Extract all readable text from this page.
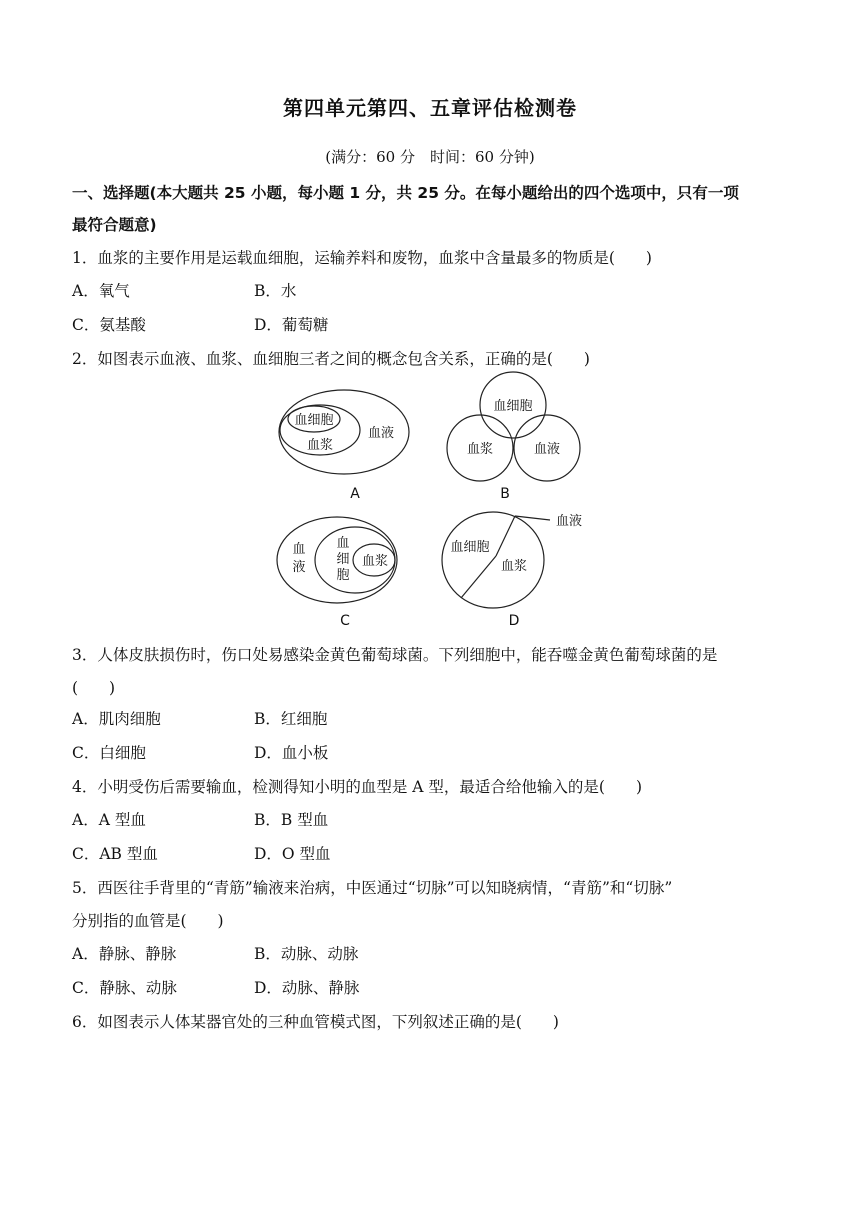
第四单元第四、五章评估检测卷
(满分：60 分　时间：60 分钟)
一、选择题(本大题共 25 小题，每小题 1 分，共 25 分。在每小题给出的四个选项中，只有一项
最符合题意)
1．血浆的主要作用是运载血细胞，运输养料和废物，血浆中含量最多的物质是(　　)
A．氧气	B．水
C．氨基酸	D．葡萄糖
2．如图表示血液、血浆、血细胞三者之间的概念包含关系，正确的是(　　)
血细胞
血浆
血液
A
血细胞
血浆	血液
B
血
液
血
细
胞
血浆
C
血细胞
血浆
血液
D
3．人体皮肤损伤时，伤口处易感染金黄色葡萄球菌。下列细胞中，能吞噬金黄色葡萄球菌的是
(　　)
A．肌肉细胞	B．红细胞
C．白细胞	D．血小板
4．小明受伤后需要输血，检测得知小明的血型是 A 型，最适合给他输入的是(　　)
A．A 型血	B．B 型血
C．AB 型血	D．O 型血
5．西医往手背里的“青筋”输液来治病，中医通过“切脉”可以知晓病情，“青筋”和“切脉”
分别指的血管是(　　)
A．静脉、静脉	B．动脉、动脉
C．静脉、动脉	D．动脉、静脉
6．如图表示人体某器官处的三种血管模式图，下列叙述正确的是(　　)
